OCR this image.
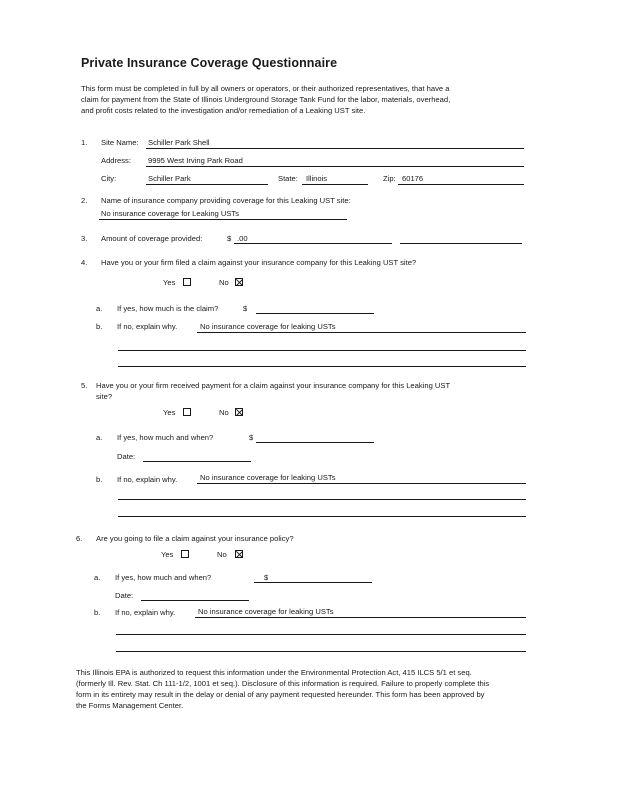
Private Insurance Coverage Questionnaire
This form must be completed in full by all owners or operators, or their authorized representatives, that have a
claim for payment from the State of Illinois Underground Storage Tank Fund for the labor, materials, overhead,
and profit costs related to the investigation and/or remediation of a Leaking UST site.
1. Site Name: Schiller Park Shell
Address: 9995 West Irving Park Road
City:	Schiller Park	State: Illinois	Zip: 60176
2. Name of insurance company providing coverage for this Leaking UST site:
No insurance coverage for Leaking USTs
3. Amount of coverage provided:	$ .00
4. Have you or your firm filed a claim against your insurance company for this Leaking UST site?
Yes	No
a. If yes, how much is the claim?	$
b. If no, explain why.	No insurance coverage for leaking USTs
5. Have you or your firm received payment for a claim against your insurance company for this Leaking UST
site?
Yes	No
a. If yes, how much and when?	$
Date:
b. If no, explain why.	No insurance coverage for leaking USTs
6. Are you going to file a claim against your insurance policy?
Yes	No
a. If yes, how much and when?	$
Date:
b. If no, explain why.	No insurance coverage for leaking USTs
This Illinois EPA is authorized to request this information under the Environmental Protection Act, 415 ILCS 5/1 et seq.
(formerly Ill. Rev. Stat. Ch 111-1/2, 1001 et seq.). Disclosure of this information is required. Failure to properly complete this
form in its entirety may result in the delay or denial of any payment requested hereunder. This form has been approved by
the Forms Management Center.
